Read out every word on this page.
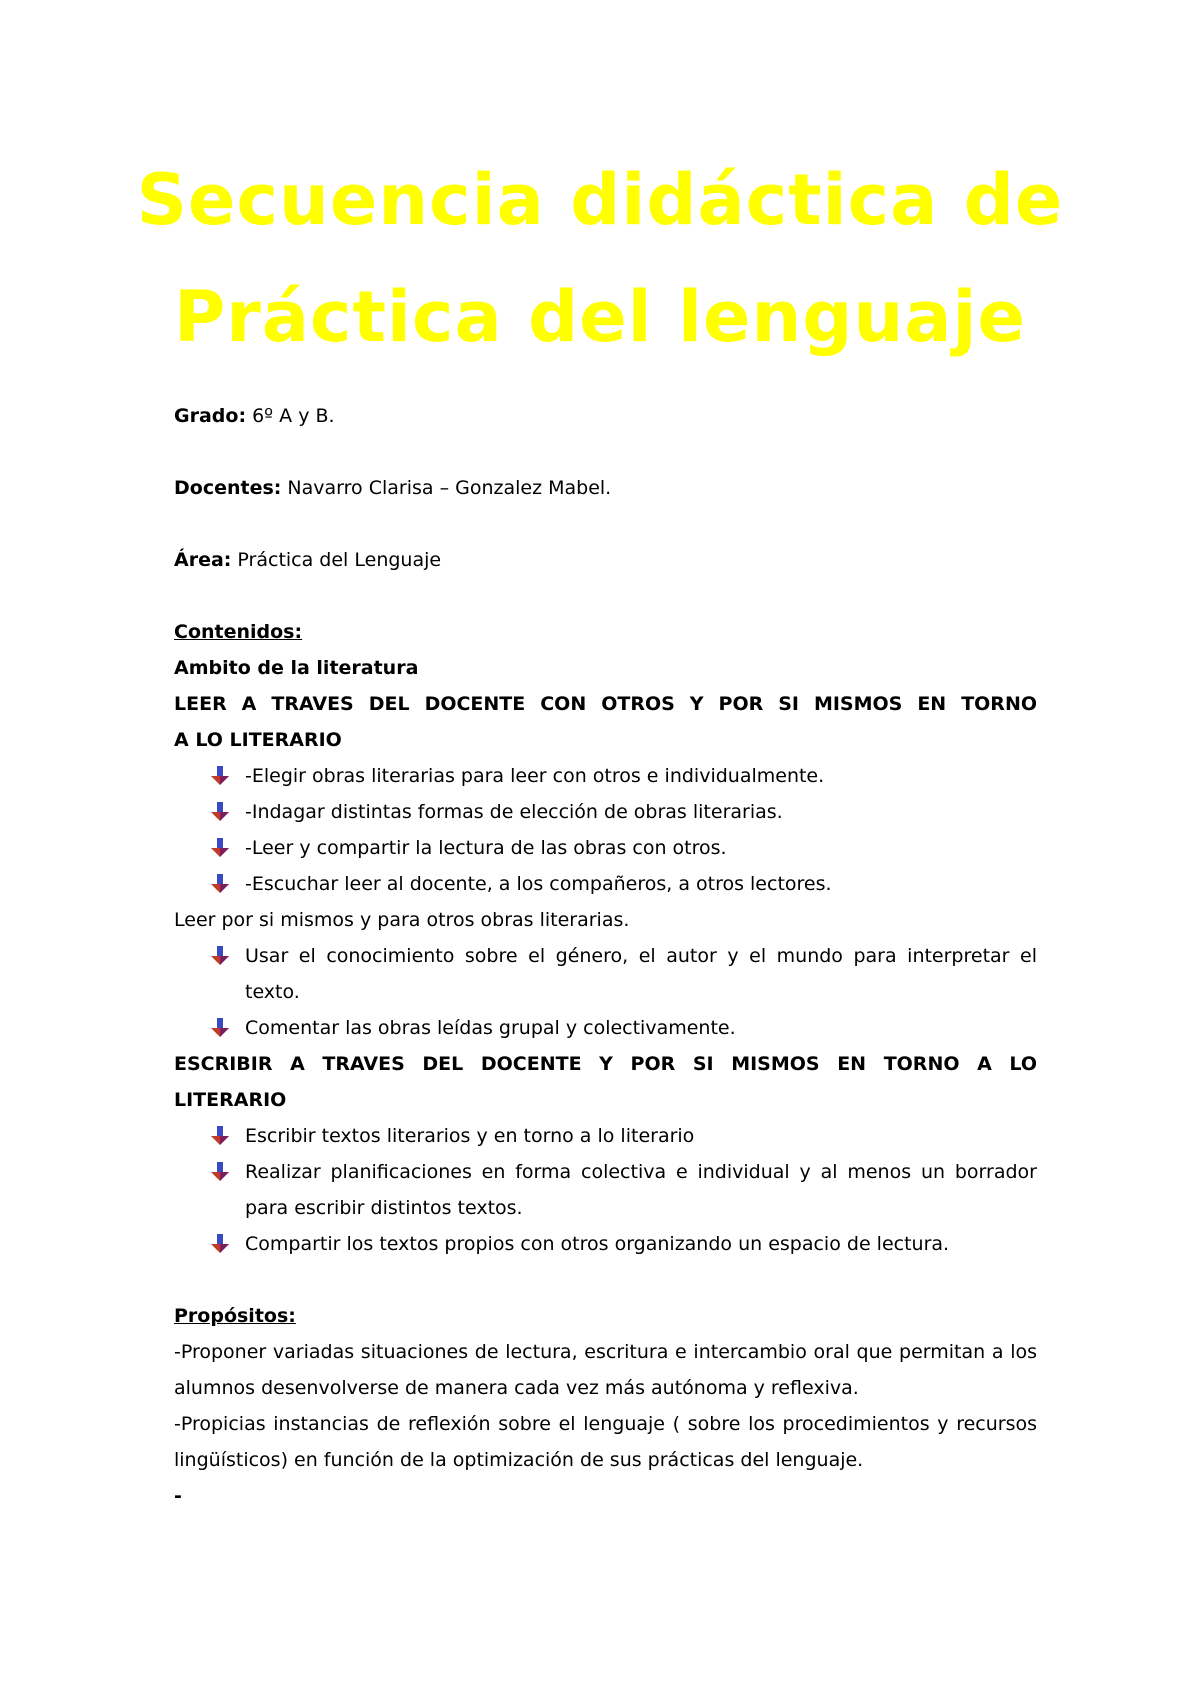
Secuencia didáctica de
Práctica del lenguaje

Grado: 6º A y B.

Docentes: Navarro Clarisa – Gonzalez Mabel.

Área: Práctica del Lenguaje

Contenidos:

Ambito de la literatura

LEER A TRAVES DEL DOCENTE CON OTROS Y POR SI MISMOS EN TORNO

A LO LITERARIO

-Elegir obras literarias para leer con otros e individualmente.
-Indagar distintas formas de elección de obras literarias.
-Leer y compartir la lectura de las obras con otros.
-Escuchar leer al docente, a los compañeros, a otros lectores.

Leer por si mismos y para otros obras literarias.

Usar el conocimiento sobre el género, el autor y el mundo para interpretar el texto.
Comentar las obras leídas grupal y colectivamente.

ESCRIBIR A TRAVES DEL DOCENTE Y POR SI MISMOS EN TORNO A LO

LITERARIO

Escribir textos literarios y en torno a lo literario
Realizar planificaciones en forma colectiva e individual y al menos un borrador para escribir distintos textos.
Compartir los textos propios con otros organizando un espacio de lectura.

Propósitos:

-Proponer variadas situaciones de lectura, escritura e intercambio oral que permitan a los alumnos desenvolverse de manera cada vez más autónoma y reflexiva.

-Propicias instancias de reflexión sobre el lenguaje ( sobre los procedimientos y recursos lingüísticos) en función de la optimización de sus prácticas del lenguaje.

-
